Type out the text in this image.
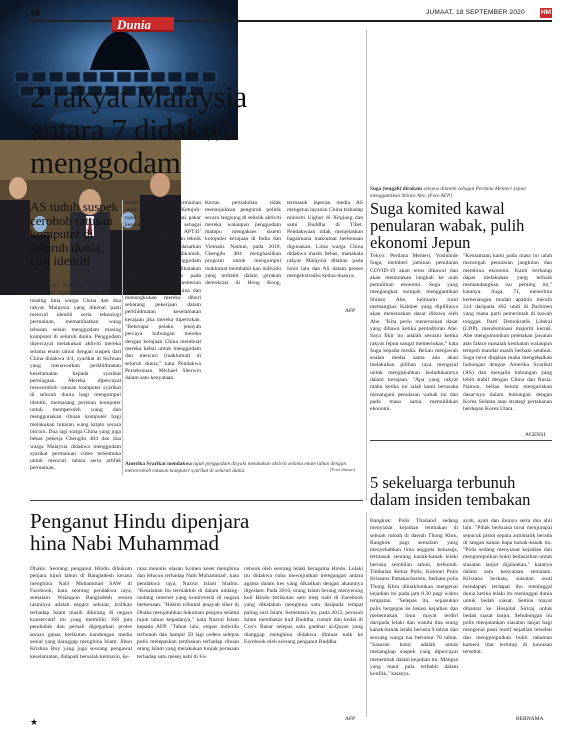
48
Dunia
JUMAAT, 18 SEPTEMBER 2020 HM
2 rakyat Malaysia
antara 7 didakwa
menggodam
AS tuduh suspek ceroboh ratusan komputer di seluruh dunia, curi identiti
Washington: Amerika Syarikat (AS) mendakwa tujuh penggodam masing-masing lima warga China dan dua rakyat Malaysia yang dikenal pasti mencuri identiti serta teknologi permainan, memanfaatkan wang tebusan selain menggodam masing komputer di seluruh dunia. Penggodam dipercayai melakukan aktiviti mereka selama enam tahun dengan suspek dari China didakwa 4/4, syarikat di Sichuan yang menawarkan perkhidmatan keselamatan kepada syarikat perniagaan. Mereka dipercayai menceroboh ratusan komputer syarikat di seluruh dunia bagi mengumpul identiti, memasang perisian komputer untuk memperoleh wang dan menggunakan ribuan komputer bagi melakukan tukaran wang kripto secara bitcoin. Dua lagi warga China yang juga bekas pekerja Chengdu 404 dan dua warga Malaysia didakwa menggodam syarikat permainan video terkemuka untuk mencuri rahsia serta artifak permainan,
seperti kit dan kredit permainan untuk dijual semula. Ketujuh-tujuh suspek dikenal pasti pakar keselamatan siber sebagai 'organisasi penggodam APT41' berdasarkan perkaitan dan teknik yang digunakan. Berdasarkan kertas pertuduhan di mahkamah, Jiang Lizhi, seorang penggodam Chengdu 404, dikatakan memberitahu rakannya pada 2012, dia dilindungi Kementerian Keselamatan Negara China dan menungkukan mereka diberi sebarang pekerjaan dalam perkhidmatan keselamatan kerajaan jika mereka diperlukan. "Beberapa pelaku jenayah percaya hubungan mereka dengan kerajaan China membuat mereka kebal untuk menggodam dan mencuri (maklumat) di seluruh dunia," kata Pendakwa Persekutuan, Michael Sherwin dalam satu kenyataan.
Kertas pertuduhan tidak menunjukkan penguruh politik secara langsung di sebalik aktiviti mereka walaupun penggodam mampu mengakses sistem komputer kerajaan di India dan Vietnam. Namun, pada 2018, Chengdu 404 menghasilkan program untuk mengumpul maklumat membabit kan individu yang terbabit dalam gerakan demokrasi di Hong Kong, termasuk laporan media AS mengenai layanan China terhadap minoriti Uighur di Xinjiang dan sami Buddha di Tibet. Pendakwaan tidak menjelaskan bagaimana maklumat berkenaan digunakan. Lima warga China didakwa masih bebas, manakala rakyat Malaysia ditahan pada Isnin lalu dan AS dalam proses mengekstradisi kedua-duanya.
AFP
Amerika Syarikat mendakwa tujuh penggodam disyaki melakukan aktiviti selama enam tahun dengan menceroboh ratusan komputer syarikat di seluruh dunia.	(Foto hiasan)
Suga (tengah) dirakam selepas dilantik sebagai Perdana Menteri Jepun menggantikan Shinzo Abe. (Foto AFP)
Suga komited kawal penularan wabak, pulih ekonomi Jepun
Tokyo: Perdana Menteri, Yoshihide Suga, memberi jaminan penularan COVID-19 akan terus dikawal dan akan memulakan langkah ke arah pemulihan ekonomi. Suga yang mengangkat sumpah menggantikan Shinzo Abe, kelmarin turut memangkas Kabinet yang dipilihnya akan meneruskan dasar dibawa oleh Abe. "Kita perlu meneruskan dasar yang dibawa ketika pentadbiran Abe. Saya fikir itu adalah sesuatu ketika rakyat Jepun sangat memerlukan," kata Suga kepada media. Beliau menjawab soalan media sama ada akan melakukan pilihan raya mengejut untuk mengukuhkan kedudukannya dalam kerajaan. "Apa yang rakyat mahu ketika ini ialah kami berusaha menangani penularan wabak ini dan pada masa sama memulihkan ekonomi.
"Keutamaan kami pada masa ini ialah mencegah penularan jangkitan dan membina ekonomi. Kami berharap dapat melakukan yang terbaik memandangkan isu penting ini," katanya. Suga, 71, menerima kemenangan mudah apabila meraih 314 daripada 462 undi di Parlimen yang mana parti pemerintah di bawah tonggak Parti Demokratik Liberal (LDP), mendominasi majoriti kerusi. Abe mengumumkan peletakan jawatan atas faktor masalah kesihatan walaupun tempoh mandat masih berbaki setahun. Suga turut diupkan mahu mengekalkan hubungan dengan Amerika Syarikat (AS) dan menjalin hubungan yang lebih stabil dengan China dan Rusia. Namun, beliau belum mengariskan dasar-nya dalam hubungan dengan Korea Selatan atau strategi pertahanan berdepan Korea Utara.
AGENSI
5 sekeluarga terbunuh dalam insiden tembakan
Bangkok: Polis Thailand sedang menyiasat kejadian tembakan di sebuah rumah di daerah Thung Khru, Bangkok pagi semalam yang menyebabkan lima anggota keluarga, termasuk seorang kanak-kanak lelaki berusia sembilan tahun, terbunuh. Timbalan Ketua Polis, Kolonel Polis Krissana Pattanacharoen, berkata polis Thung Khru dimaklumkan mengenai kejadian itu pada jam 8.30 pagi waktu tempatan. "Selepas itu, sepasukan polis bergegas ke lokasi kejadian dan menemukan lima mayat terdiri daripada lelaki dan wanita dua orang kanak-kanak lelaki berusia 9 tahun dan seorang warga tua berumur 70 tahun. "Sasaran kami adalah untuk menangkap suspek yang dipercayai menembak dalam kejadian itu. Mangsa yang maut pula terbabit dalam konflik," katanya.
ayah, ayah dan ibunya serta dua ahli lain. "Pihak berkuasa turut menjumpai sepucuk pistol separa automatik berada di tangan kanan bapa kanak-kanak itu. "Polis sedang menyiasat kejadian dan mengumpulkan bukti bedasarkan untuk siasatan lanjut dijalankan," katanya dalam satu kenyataan semalam. Krissana berkata, siasatan awal mendapati terdapat ibu meninggal dunia ketika lelaki itu meninggal dunia untuk bedah siasat. Semua mayat dihantar ke Hospital Siriraj untuk bedah siasat lanjut. Sehubungan itu polis menjalankan siasatan lanjut bagi mengenal pasti motif kejadian tersebut dan mengumpulkan bukti rakaman kamera litar tertutup di kawasan tersebut.
BERNAMA
Penganut Hindu dipenjara
hina Nabi Muhammad
Dhaka: Seorang penganut Hindu dihukum penjara tujuh tahun di Bangladesh kerana menghina Nabi Muhammad SAW di Facebook, kata seorang pendakwa raya, semalam. Walaupun Bangladesh secara rasminya adalah negara sekular, kritikan terhadap Islam masih dikirang di negara konservatif itu yang memiliki 168 juta penduduk dan pernah digegarkan protes secara ganas berikutan kandungan media sosial yang dianggap menghina Islam. Jibon Krishna Roy yang juga seorang pengawal keselamatan, didapati bersalah kelmarin, ke-
rana menulis ulasan 'komen keset menghina dan lelucon terhadap Nabi Muhammad', kata pendakwa raya, Nazrul Islam Shabin. "Kesalahan itu termaktub di dalam undang-undang internet yang kontroversi di negara berkenaan. "Hakim tribunal jenayah siber di Dhaka menjatuhkan hukuman penjara selama tujuh tahun kepadanya," kata Nazrul Islam kepada AFP. "Tahun lalu, empat individu terbunuh dan hampir 50 lagi cedera selepas polis melepaskan tembakan terhadap ribuan orang Islam yang melakukan tunjuk perasaan terhadap satu mesej nabi di Fa-
cebook oleh seorang lelaki beragama Hindu. Lelaki itu didakwa cuba mewujudkan ketegangan antara agama dalam kes yang dikaitkan dengan akaunnya digodam. Pada 2016, orang Islam berang menyerang kuil Hindu berikutan satu imej nabi di Facebook yang dikatakan menghina satu daripada tempat paling suci Islam. Sementara itu, pada 2012, perusuh Islam membakar kuil Buddha, rumah dan kedai di Cox's Bazar selepas satu gambar al-Quran yang dianggap menghina didakwa dimuat naik ke Facebook oleh seorang penganut Buddha.
AFP
★
